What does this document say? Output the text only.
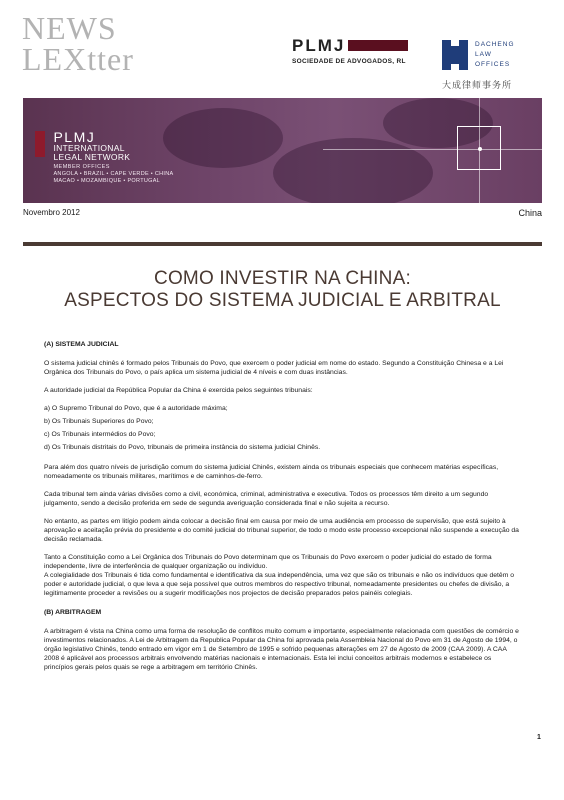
NEWS
LEXtter	PLMJ
SOCIEDADE DE ADVOGADOS, RL
DACHENG
LAW
OFFICES
大成律师事务所

PLMJ
INTERNATIONAL
LEGAL NETWORK
MEMBER OFFICES
ANGOLA • BRAZIL • CAPE VERDE • CHINA
MACAO • MOZAMBIQUE • PORTUGAL
Novembro 2012	China
COMO INVESTIR NA CHINA:
ASPECTOS DO SISTEMA JUDICIAL E ARBITRAL

(A) SISTEMA JUDICIAL

O sistema judicial chinês é formado pelos Tribunais do Povo, que exercem o poder judicial em nome do estado. Segundo a Constituição Chinesa e a Lei Orgânica dos Tribunais do Povo, o país aplica um sistema judicial de 4 níveis e com duas instâncias.

A autoridade judicial da República Popular da China é exercida pelos seguintes tribunais:

a) O Supremo Tribunal do Povo, que é a autoridade máxima;
b) Os Tribunais Superiores do Povo;
c) Os Tribunais intermédios do Povo;
d) Os Tribunais distritais do Povo, tribunais de primeira instância do sistema judicial Chinês.

Para além dos quatro níveis de jurisdição comum do sistema judicial Chinês, existem ainda os tribunais especiais que conhecem matérias específicas, nomeadamente os tribunais militares, marítimos e de caminhos-de-ferro.

Cada tribunal tem ainda várias divisões como a civil, económica, criminal, administrativa e executiva. Todos os processos têm direito a um segundo julgamento, sendo a decisão proferida em sede de segunda averiguação considerada final e não sujeita a recurso.

No entanto, as partes em litígio podem ainda colocar a decisão final em causa por meio de uma audiência em processo de supervisão, que está sujeito à aprovação e aceitação prévia do presidente e do comité judicial do tribunal superior, de todo o modo este processo excepcional não suspende a execução da decisão reclamada.

Tanto a Constituição como a Lei Orgânica dos Tribunais do Povo determinam que os Tribunais do Povo exercem o poder judicial do estado de forma independente, livre de interferência de qualquer organização ou indivíduo.

A colegialidade dos Tribunais é tida como fundamental e identificativa da sua independência, uma vez que são os tribunais e não os indivíduos que detêm o poder e autoridade judicial, o que leva a que seja possível que outros membros do respectivo tribunal, nomeadamente presidentes ou chefes de divisão, a legitimamente proceder a revisões ou a sugerir modificações nos projectos de decisão preparados pelos painéis colegiais.

(B) ARBITRAGEM

A arbitragem é vista na China como uma forma de resolução de conflitos muito comum e importante, especialmente relacionada com questões de comércio e investimentos relacionados. A Lei de Arbitragem da Republica Popular da China foi aprovada pela Assembleia Nacional do Povo em 31 de Agosto de 1994, o órgão legislativo Chinês, tendo entrado em vigor em 1 de Setembro de 1995 e sofrido pequenas alterações em 27 de Agosto de 2009 (CAA 2009). A CAA 2008 é aplicável aos processos arbitrais envolvendo matérias nacionais e internacionais. Esta lei inclui conceitos arbitrais modernos e estabelece os princípios gerais pelos quais se rege a arbitragem em território Chinês.

1
